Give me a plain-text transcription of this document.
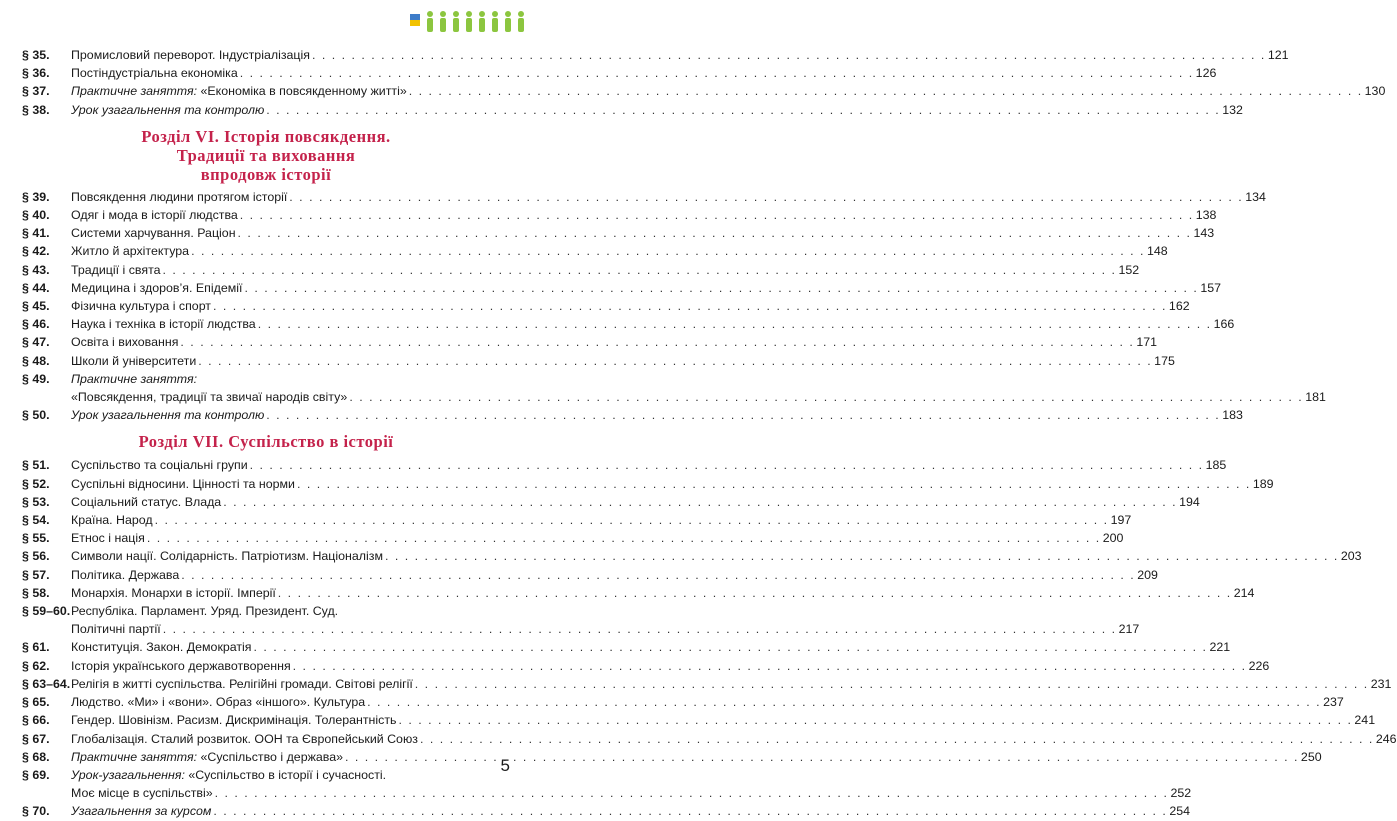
§ 35.	Промисловий переворот. Індустріалізація . . .	121
§ 36.	Постіндустріальна економіка . . .	126
§ 37.	Практичне заняття: «Економіка в повсякденному житті» . . .	130
§ 38.	Урок узагальнення та контролю . . .	132
Розділ VI. Історія повсякдення.
Традиції та виховання
впродовж історії
§ 39.	Повсякдення людини протягом історії . . .	134
§ 40.	Одяг і мода в історії людства . . .	138
§ 41.	Системи харчування. Раціон . . .	143
§ 42.	Житло й архітектура . . .	148
§ 43.	Традиції і свята . . .	152
§ 44.	Медицина і здоров’я. Епідемії . . .	157
§ 45.	Фізична культура і спорт . . .	162
§ 46.	Наука і техніка в історії людства . . .	166
§ 47.	Освіта і виховання . . .	171
§ 48.	Школи й університети . . .	175
§ 49.	Практичне заняття:
«Повсякдення, традиції та звичаї народів світу» . . .	181
§ 50.	Урок узагальнення та контролю . . .	183
Розділ VII. Суспільство в історії
§ 51.	Суспільство та соціальні групи . . .	185
§ 52.	Суспільні відносини. Цінності та норми . . .	189
§ 53.	Соціальний статус. Влада . . .	194
§ 54.	Країна. Народ . . .	197
§ 55.	Етнос і нація . . .	200
§ 56.	Символи нації. Солідарність. Патріотизм. Націоналізм . . .	203
§ 57.	Політика. Держава . . .	209
§ 58.	Монархія. Монархи в історії. Імперії . . .	214
§ 59–60. Республіка. Парламент. Уряд. Президент. Суд.
Політичні партії . . .	217
§ 61.	Конституція. Закон. Демократія . . .	221
§ 62.	Історія українського державотворення . . .	226
§ 63–64. Релігія в житті суспільства. Релігійні громади. Світові релігії . . .	231
§ 65.	Людство. «Ми» і «вони». Образ «іншого». Культура . . .	237
§ 66.	Гендер. Шовінізм. Расизм. Дискримінація. Толерантність . . .	241
§ 67.	Глобалізація. Сталий розвиток. ООН та Європейський Союз . . .	246
§ 68.	Практичне заняття: «Суспільство і держава» . . .	250
§ 69.	Урок-узагальнення: «Суспільство в історії і сучасності.
Моє місце в суспільстві» . . .	252
§ 70.	Узагальнення за курсом . . .	254
5
